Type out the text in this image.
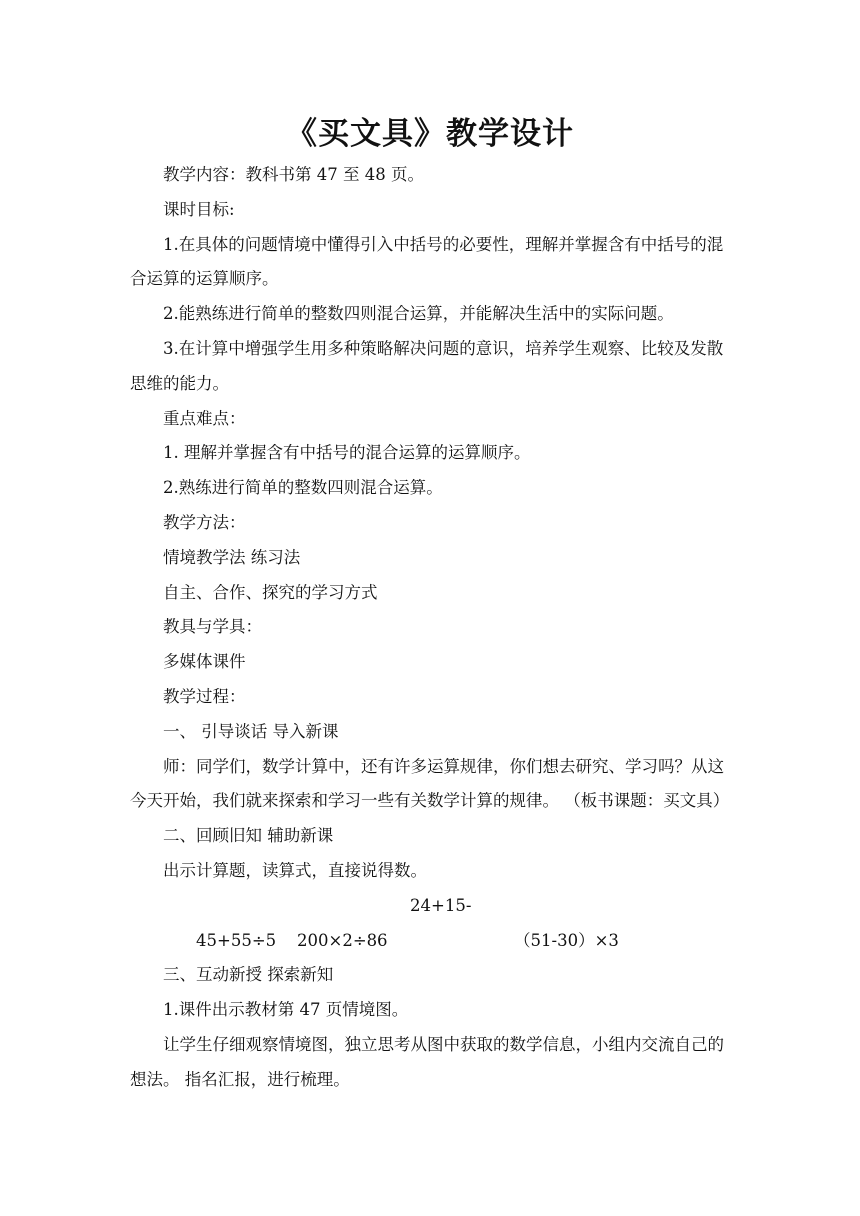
《买文具》教学设计

教学内容：教科书第 47 至 48 页。

课时目标:

1.在具体的问题情境中懂得引入中括号的必要性，理解并掌握含有中括号的混合运算的运算顺序。

2.能熟练进行简单的整数四则混合运算，并能解决生活中的实际问题。

3.在计算中增强学生用多种策略解决问题的意识，培养学生观察、比较及发散思维的能力。

重点难点：

1. 理解并掌握含有中括号的混合运算的运算顺序。

2.熟练进行简单的整数四则混合运算。

教学方法：

情境教学法 练习法

自主、合作、探究的学习方式

教具与学具：

多媒体课件

教学过程：

一、 引导谈话 导入新课

师：同学们，数学计算中，还有许多运算规律，你们想去研究、学习吗？从这今天开始，我们就来探索和学习一些有关数学计算的规律。 （板书课题：买文具）

二、回顾旧知 辅助新课

出示计算题，读算式，直接说得数。

45+55÷5 200×2÷824+15-6	（51-30）×3

三、互动新授 探索新知

1.课件出示教材第 47 页情境图。

让学生仔细观察情境图，独立思考从图中获取的数学信息，小组内交流自己的想法。 指名汇报，进行梳理。
